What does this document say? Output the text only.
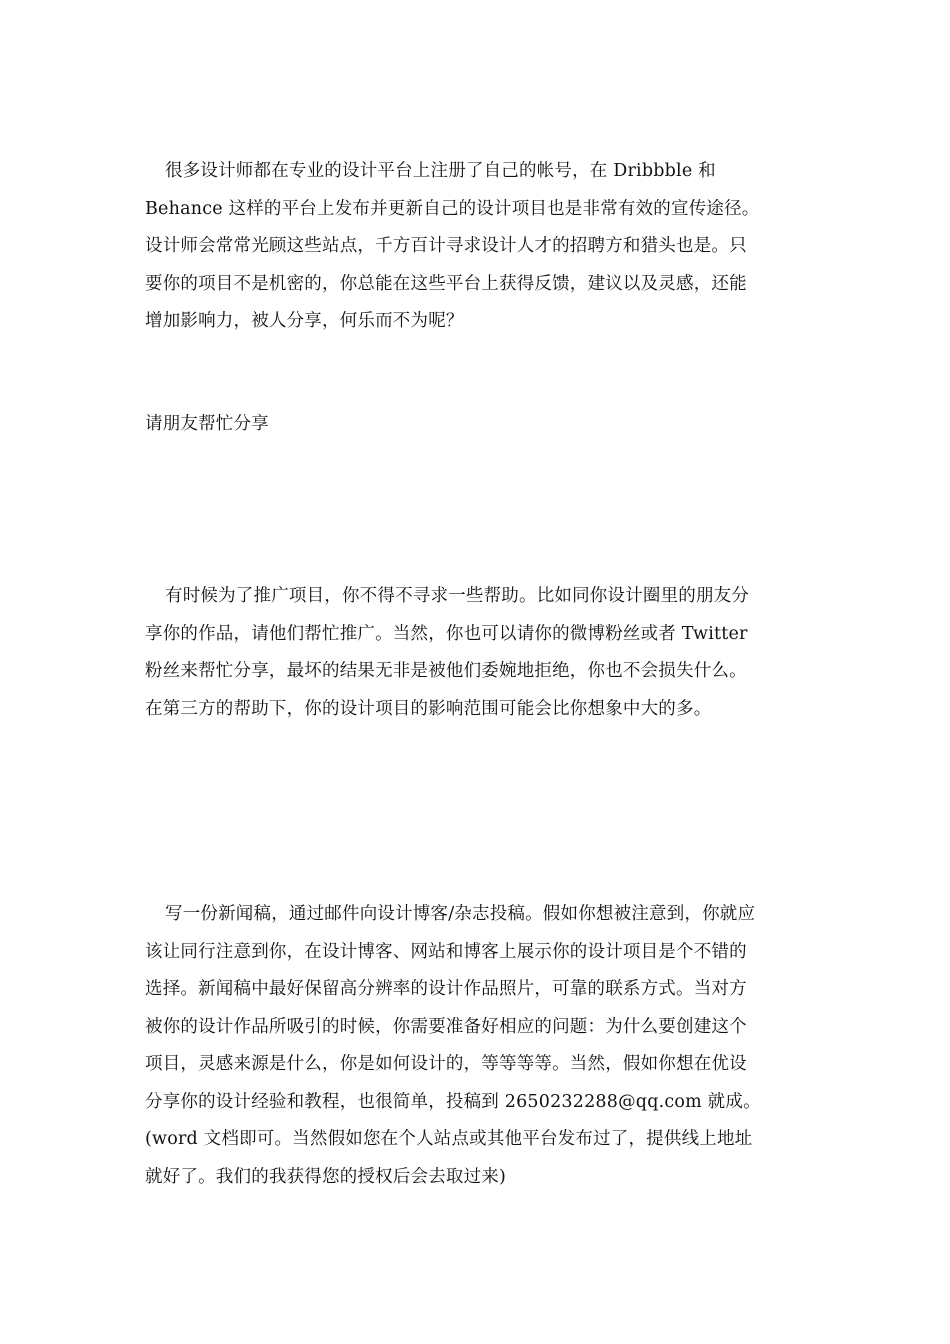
很多设计师都在专业的设计平台上注册了自己的帐号，在 Dribbble 和
Behance 这样的平台上发布并更新自己的设计项目也是非常有效的宣传途径。
设计师会常常光顾这些站点，千方百计寻求设计人才的招聘方和猎头也是。只
要你的项目不是机密的，你总能在这些平台上获得反馈，建议以及灵感，还能
增加影响力，被人分享，何乐而不为呢？
请朋友帮忙分享
有时候为了推广项目，你不得不寻求一些帮助。比如同你设计圈里的朋友分
享你的作品，请他们帮忙推广。当然，你也可以请你的微博粉丝或者 Twitter
粉丝来帮忙分享，最坏的结果无非是被他们委婉地拒绝，你也不会损失什么。
在第三方的帮助下，你的设计项目的影响范围可能会比你想象中大的多。
写一份新闻稿，通过邮件向设计博客/杂志投稿。假如你想被注意到，你就应
该让同行注意到你，在设计博客、网站和博客上展示你的设计项目是个不错的
选择。新闻稿中最好保留高分辨率的设计作品照片，可靠的联系方式。当对方
被你的设计作品所吸引的时候，你需要准备好相应的问题：为什么要创建这个
项目，灵感来源是什么，你是如何设计的，等等等等。当然，假如你想在优设
分享你的设计经验和教程，也很简单，投稿到 2650232288@qq.com 就成。
(word 文档即可。当然假如您在个人站点或其他平台发布过了，提供线上地址
就好了。我们的我获得您的授权后会去取过来)
